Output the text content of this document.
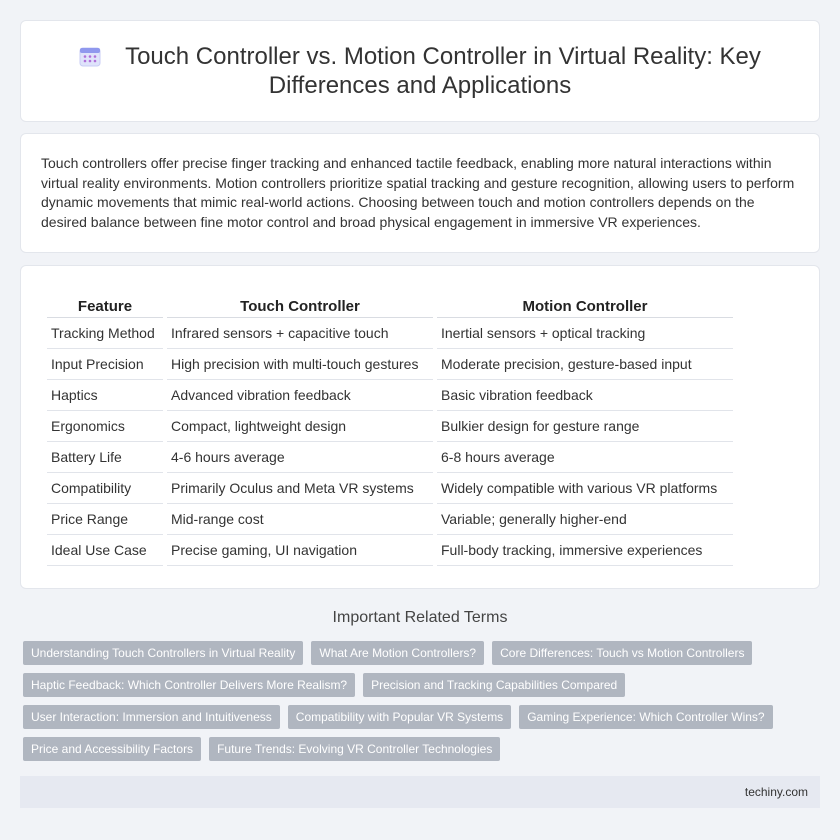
Touch Controller vs. Motion Controller in Virtual Reality: Key Differences and Applications

Touch controllers offer precise finger tracking and enhanced tactile feedback, enabling more natural interactions within virtual reality environments. Motion controllers prioritize spatial tracking and gesture recognition, allowing users to perform dynamic movements that mimic real-world actions. Choosing between touch and motion controllers depends on the desired balance between fine motor control and broad physical engagement in immersive VR experiences.

Feature	Touch Controller	Motion Controller
Tracking Method	Infrared sensors + capacitive touch	Inertial sensors + optical tracking
Input Precision	High precision with multi-touch gestures	Moderate precision, gesture-based input
Haptics	Advanced vibration feedback	Basic vibration feedback
Ergonomics	Compact, lightweight design	Bulkier design for gesture range
Battery Life	4-6 hours average	6-8 hours average
Compatibility	Primarily Oculus and Meta VR systems	Widely compatible with various VR platforms
Price Range	Mid-range cost	Variable; generally higher-end
Ideal Use Case	Precise gaming, UI navigation	Full-body tracking, immersive experiences
Important Related Terms
Understanding Touch Controllers in Virtual Reality	What Are Motion Controllers?	Core Differences: Touch vs Motion Controllers
Haptic Feedback: Which Controller Delivers More Realism?	Precision and Tracking Capabilities Compared
User Interaction: Immersion and Intuitiveness	Compatibility with Popular VR Systems	Gaming Experience: Which Controller Wins?
Price and Accessibility Factors	Future Trends: Evolving VR Controller Technologies
techiny.com
